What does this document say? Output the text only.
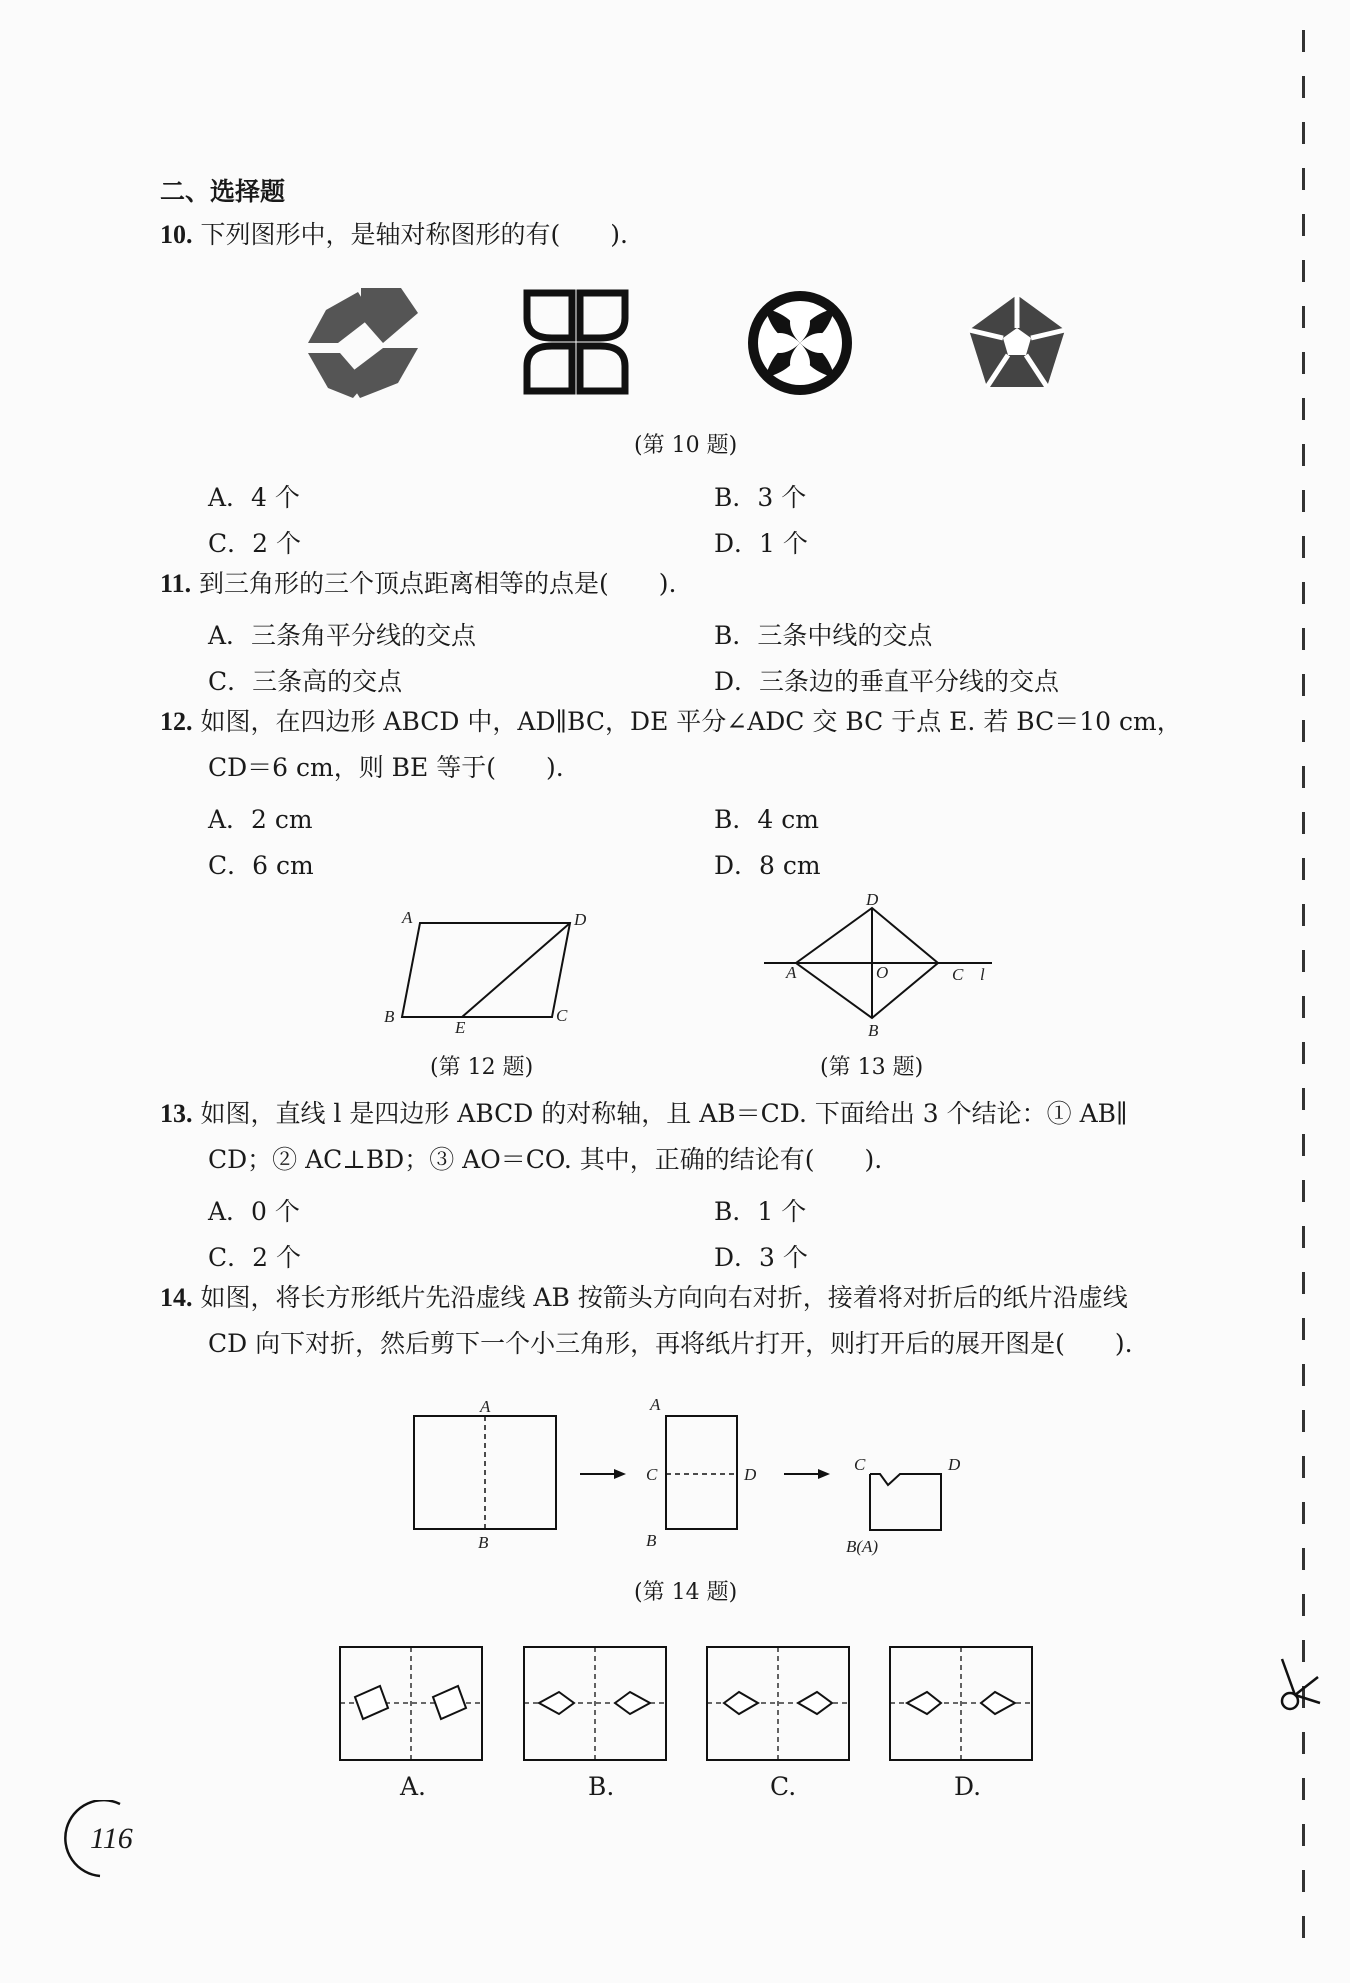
二、选择题
10. 下列图形中，是轴对称图形的有(　　).
(第 10 题)
A．4 个	B．3 个
C．2 个	D．1 个
11. 到三角形的三个顶点距离相等的点是(　　).
A．三条角平分线的交点	B．三条中线的交点
C．三条高的交点	D．三条边的垂直平分线的交点
12. 如图，在四边形 ABCD 中，AD∥BC，DE 平分∠ADC 交 BC 于点 E. 若 BC＝10 cm，
CD＝6 cm，则 BE 等于(　　).
A．2 cm	B．4 cm
C．6 cm	D．8 cm
A	D
B
E
C
(第 12 题)
D
A	O	C l
B
(第 13 题)
13. 如图，直线 l 是四边形 ABCD 的对称轴，且 AB＝CD. 下面给出 3 个结论：① AB∥
CD；② AC⊥BD；③ AO＝CO. 其中，正确的结论有(　　).
A．0 个	B．1 个
C．2 个	D．3 个
14. 如图，将长方形纸片先沿虚线 AB 按箭头方向向右对折，接着将对折后的纸片沿虚线
CD 向下对折，然后剪下一个小三角形，再将纸片打开，则打开后的展开图是(　　).
A
B
A
C	D
B
C	D
B(A)
(第 14 题)
A.	B.	C.	D.
116
